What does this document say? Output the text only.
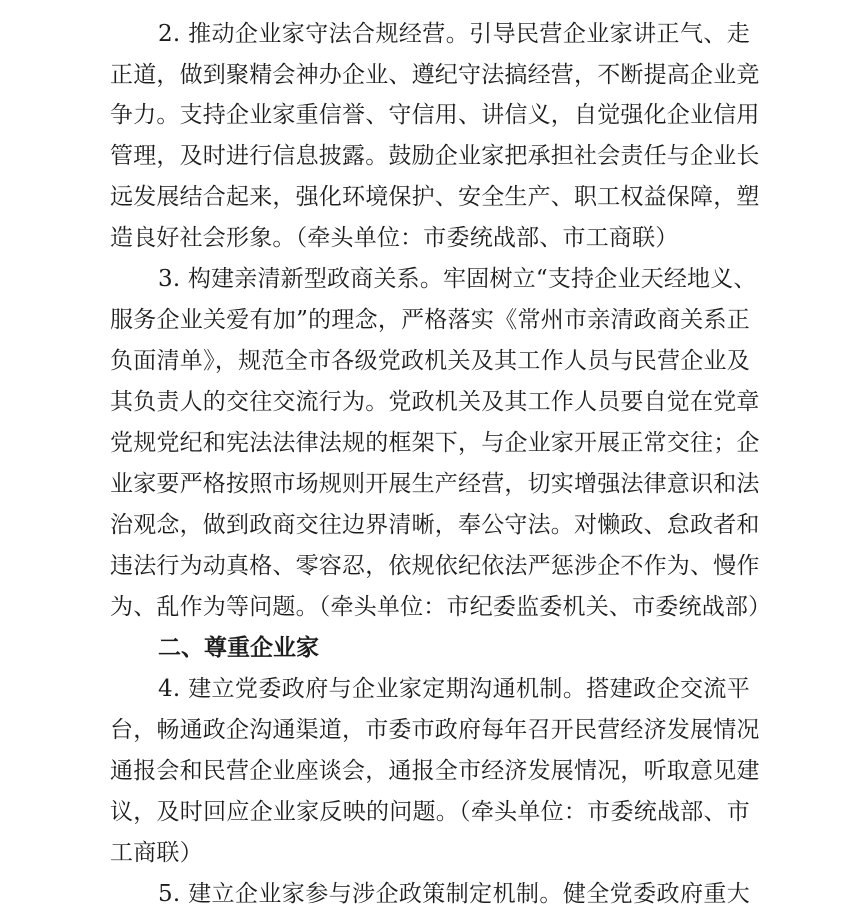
2. 推动企业家守法合规经营。引导民营企业家讲正气、走
正道，做到聚精会神办企业、遵纪守法搞经营，不断提高企业竞
争力。支持企业家重信誉、守信用、讲信义，自觉强化企业信用
管理，及时进行信息披露。鼓励企业家把承担社会责任与企业长
远发展结合起来，强化环境保护、安全生产、职工权益保障，塑
造良好社会形象。（牵头单位：市委统战部、市工商联）
3. 构建亲清新型政商关系。牢固树立“支持企业天经地义、
服务企业关爱有加”的理念，严格落实《常州市亲清政商关系正
负面清单》，规范全市各级党政机关及其工作人员与民营企业及
其负责人的交往交流行为。党政机关及其工作人员要自觉在党章
党规党纪和宪法法律法规的框架下，与企业家开展正常交往；企
业家要严格按照市场规则开展生产经营，切实增强法律意识和法
治观念，做到政商交往边界清晰，奉公守法。对懒政、怠政者和
违法行为动真格、零容忍，依规依纪依法严惩涉企不作为、慢作
为、乱作为等问题。（牵头单位：市纪委监委机关、市委统战部）
二、尊重企业家
4. 建立党委政府与企业家定期沟通机制。搭建政企交流平
台，畅通政企沟通渠道，市委市政府每年召开民营经济发展情况
通报会和民营企业座谈会，通报全市经济发展情况，听取意见建
议，及时回应企业家反映的问题。（牵头单位：市委统战部、市
工商联）
5. 建立企业家参与涉企政策制定机制。健全党委政府重大
